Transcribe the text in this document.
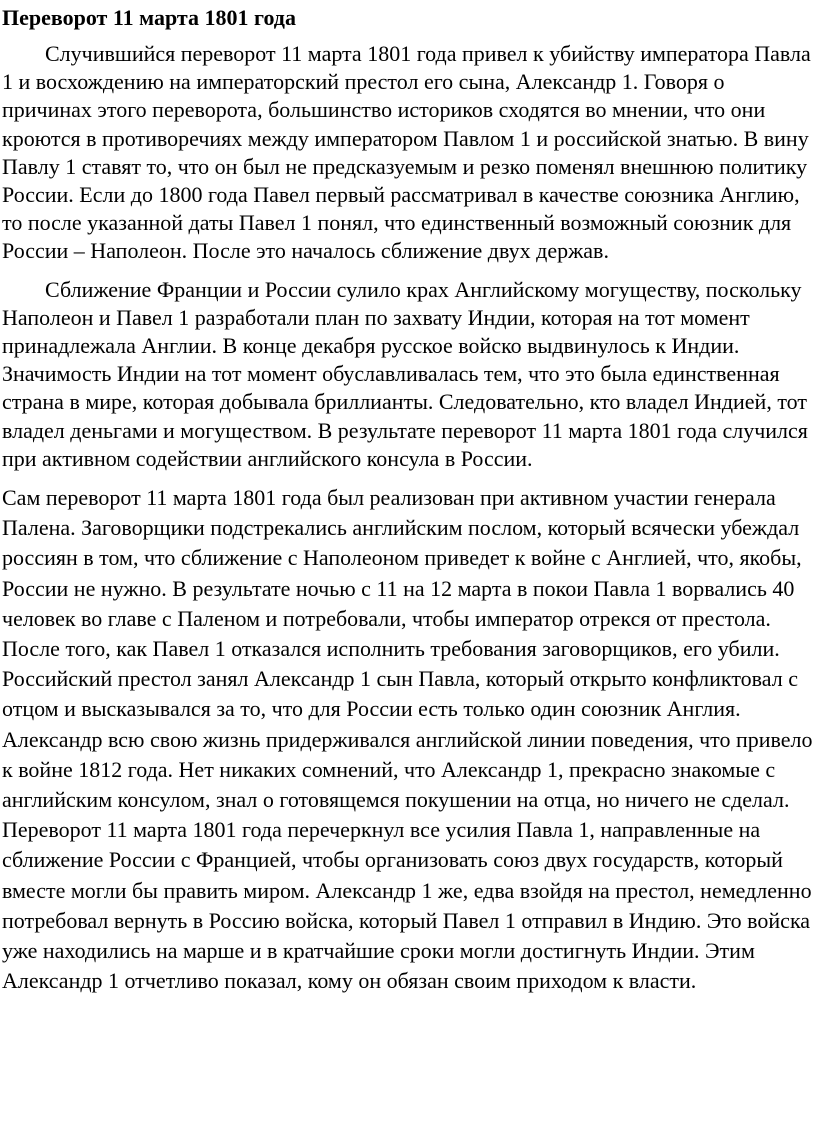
Переворот 11 марта 1801 года

Случившийся переворот 11 марта 1801 года привел к убийству императора Павла 1 и восхождению на императорский престол его сына, Александр 1. Говоря о причинах этого переворота, большинство историков сходятся во мнении, что они кроются в противоречиях между императором Павлом 1 и российской знатью. В вину Павлу 1 ставят то, что он был не предсказуемым и резко поменял внешнюю политику России. Если до 1800 года Павел первый рассматривал в качестве союзника Англию, то после указанной даты Павел 1 понял, что единственный возможный союзник для России – Наполеон. После это началось сближение двух держав.

Сближение Франции и России сулило крах Английскому могуществу, поскольку Наполеон и Павел 1 разработали план по захвату Индии, которая на тот момент принадлежала Англии. В конце декабря русское войско выдвинулось к Индии. Значимость Индии на тот момент обуславливалась тем, что это была единственная страна в мире, которая добывала бриллианты. Следовательно, кто владел Индией, тот владел деньгами и могуществом. В результате переворот 11 марта 1801 года случился при активном содействии английского консула в России.

Сам переворот 11 марта 1801 года был реализован при активном участии генерала Палена. Заговорщики подстрекались английским послом, который всячески убеждал россиян в том, что сближение с Наполеоном приведет к войне с Англией, что, якобы, России не нужно. В результате ночью с 11 на 12 марта в покои Павла 1 ворвались 40 человек во главе с Паленом и потребовали, чтобы император отрекся от престола. После того, как Павел 1 отказался исполнить требования заговорщиков, его убили. Российский престол занял Александр 1 сын Павла, который открыто конфликтовал с отцом и высказывался за то, что для России есть только один союзник Англия. Александр всю свою жизнь придерживался английской линии поведения, что привело к войне 1812 года. Нет никаких сомнений, что Александр 1, прекрасно знакомые с английским консулом, знал о готовящемся покушении на отца, но ничего не сделал. Переворот 11 марта 1801 года перечеркнул все усилия Павла 1, направленные на сближение России с Францией, чтобы организовать союз двух государств, который вместе могли бы править миром. Александр 1 же, едва взойдя на престол, немедленно потребовал вернуть в Россию войска, который Павел 1 отправил в Индию. Это войска уже находились на марше и в кратчайшие сроки могли достигнуть Индии. Этим Александр 1 отчетливо показал, кому он обязан своим приходом к власти.
